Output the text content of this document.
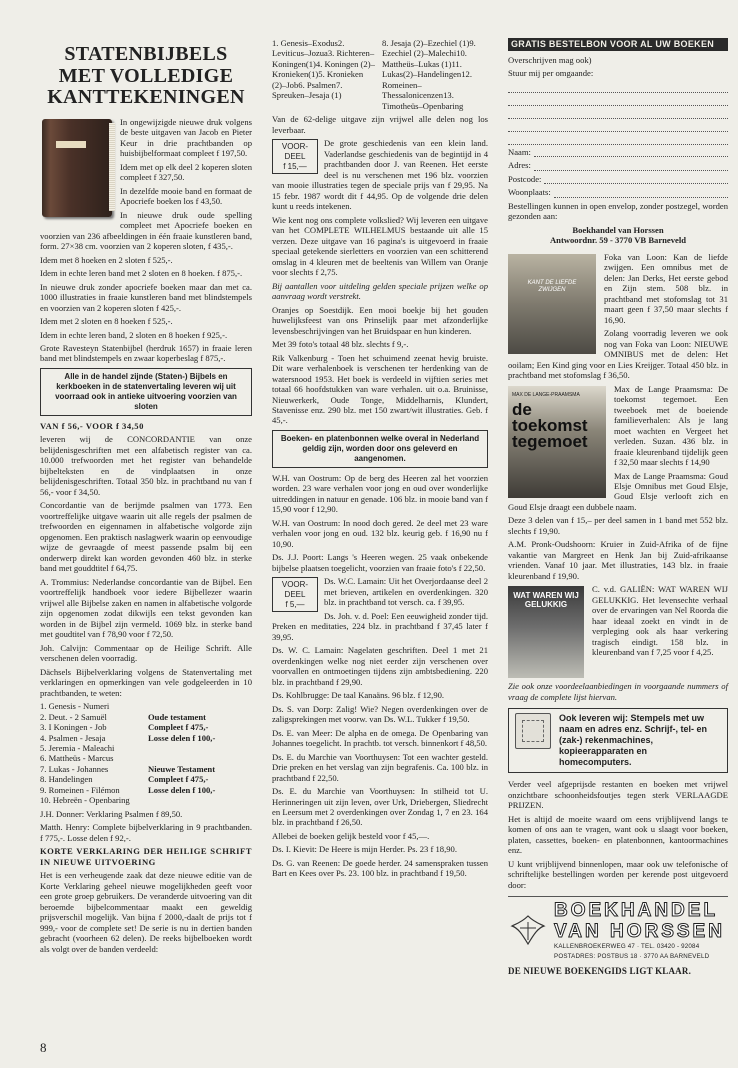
STATENBIJBELS MET VOLLEDIGE KANTTEKENINGEN

In ongewijzigde nieuwe druk volgens de beste uitgaven van Jacob en Pieter Keur in drie prachtbanden op huisbijbelformaat compleet f 197,50.

Idem met op elk deel 2 koperen sloten compleet f 327,50.

In dezelfde mooie band en formaat de Apocriefe boeken los f 43,50.

In nieuwe druk oude spelling compleet met Apocriefe boeken en voorzien van 236 afbeeldingen in één fraaie kunstleren band, form. 27×38 cm. voorzien van 2 koperen sloten, f 435,-.

Idem met 8 hoeken en 2 sloten f 525,-.

Idem in echte leren band met 2 sloten en 8 hoeken. f 875,-.

In nieuwe druk zonder apocriefe boeken maar dan met ca. 1000 illustraties in fraaie kunstleren band met blindstempels en voorzien van 2 koperen sloten f 425,-.

Idem met 2 sloten en 8 hoeken f 525,-.

Idem in echte leren band, 2 sloten en 8 hoeken f 925,-.

Grote Ravesteyn Statenbijbel (herdruk 1657) in fraaie leren band met blindstempels en zwaar koperbeslag f 875,-.

Alle in de handel zijnde (Staten-) Bijbels en kerkboeken in de statenvertaling leveren wij uit voorraad ook in antieke uitvoering voorzien van sloten

VAN f 56,- VOOR f 34,50

leveren wij de CONCORDANTIE van onze belijdenisgeschriften met een alfabetisch register van ca. 10.000 trefwoorden met het register van behandelde bijbelteksten en de vindplaatsen in onze belijdenisgeschriften. Totaal 350 blz. in prachtband nu van f 56,- voor f 34,50.

Concordantie van de berijmde psalmen van 1773. Een voortreffelijke uitgave waarin uit alle regels der psalmen de trefwoorden en eigennamen in alfabetische volgorde zijn opgenomen. Een praktisch naslagwerk waarin op eenvoudige wijze de gevraagde of meest passende psalm bij een onderwerp direkt kan worden gevonden 460 blz. in sterke band met gouddtitel f 64,75.

A. Trommius: Nederlandse concordantie van de Bijbel. Een voortreffelijk handboek voor iedere Bijbellezer waarin vrijwel alle Bijbelse zaken en namen in alfabetische volgorde zijn opgenomen zodat dikwijls een tekst gevonden kan worden in de Bijbel zijn vermeld. 1069 blz. in sterke band met goudtitel van f 78,90 voor f 72,50.

Joh. Calvijn: Commentaar op de Heilige Schrift. Alle verschenen delen voorradig.

Dächsels Bijbelverklaring volgens de Statenvertaling met verklaringen en opmerkingen van vele godgeleerden in 10 prachtbanden, te weten:

1. Genesis - Numeri
2. Deut. - 2 Samuël
3. I Koningen - Job
4. Psalmen - Jesaja
5. Jeremia - Maleachi
6. Mattheüs - Marcus
7. Lukas - Johannes
8. Handelingen
9. Romeinen - Filémon
10. Hebreën - Openbaring

Oude testament
Compleet f 475,-
Losse delen f 100,-

Nieuwe Testament
Compleet f 475,-
Losse delen f 100,-

J.H. Donner: Verklaring Psalmen f 89,50.

Matth. Henry: Complete bijbelverklaring in 9 prachtbanden. f 775,-. Losse delen f 92,-.

KORTE VERKLARING DER HEILIGE SCHRIFT IN NIEUWE UITVOERING

Het is een verheugende zaak dat deze nieuwe editie van de Korte Verklaring geheel nieuwe mogelijkheden geeft voor een grote groep gebruikers. De veranderde uitvoering van dit beroemde bijbelcommentaar maakt een geweldig prijsverschil mogelijk. Van bijna f 2000,-daalt de prijs tot f 999,- voor de complete set! De serie is nu in dertien banden gebracht (voorheen 62 delen). De reeks bijbelboeken wordt als volgt over de banden verdeeld:

1. Genesis–Exodus2. Leviticus–Jozua3. Richteren–Koningen(1)4. Koningen (2)–Kronieken(1)5. Kronieken (2)–Job6. Psalmen7. Spreuken–Jesaja (1)
8. Jesaja (2)–Ezechiel (1)9. Ezechiel (2)–Malechi10. Mattheüs–Lukas (1)11. Lukas(2)–Handelingen12. Romeinen–Thessalonicenzen13. Timotheüs–Openbaring

Van de 62-delige uitgave zijn vrijwel alle delen nog los leverbaar.

VOOR-
DEEL
f 15,—

De grote geschiedenis van een klein land. Vaderlandse geschiedenis van de begintijd in 4 prachtbanden door J. van Reenen. Het eerste deel is nu verschenen met 196 blz. voorzien van mooie illustraties tegen de speciale prijs van f 29,95. Na 15 febr. 1987 wordt dit f 44,95. Op de volgende drie delen kunt u reeds intekenen.

Wie kent nog ons complete volkslied? Wij leveren een uitgave van het COMPLETE WILHELMUS bestaande uit alle 15 verzen. Deze uitgave van 16 pagina's is uitgevoerd in fraaie speciaal getekende sierletters en voorzien van een schitterend omslag in 4 kleuren met de beeltenis van Willem van Oranje voor slechts f 2,75.

Bij aantallen voor uitdeling gelden speciale prijzen welke op aanvraag wordt verstrekt.

Oranjes op Soestdijk. Een mooi boekje bij het gouden huwelijksfeest van ons Prinselijk paar met afzonderlijke levensbeschrijvingen van het Bruidspaar en hun kinderen.

Met 39 foto's totaal 48 blz. slechts f 9,-.

Rik Valkenburg - Toen het schuimend zeenat hevig bruiste. Dit ware verhalenboek is verschenen ter herdenking van de watersnood 1953. Het boek is verdeeld in vijftien series met totaal 66 hoofdstukken van ware verhalen. uit o.a. Bruinisse, Nieuwerkerk, Oude Tonge, Middelharnis, Klundert, Stavenisse enz. 290 blz. met 150 zwart/wit illustraties. Geb. f 45,-.

Boeken- en platenbonnen welke overal in Nederland geldig zijn, worden door ons geleverd en aangenomen.

W.H. van Oostrum: Op de berg des Heeren zal het voorzien worden. 23 ware verhalen voor jong en oud over wonderlijke uitreddingen in natuur en genade. 106 blz. in mooie band van f 15,90 voor f 12,90.

W.H. van Oostrum: In nood doch gered. 2e deel met 23 ware verhalen voor jong en oud. 132 blz. keurig geb. f 16,90 nu f 10,90.

Ds. J.J. Poort: Langs 's Heeren wegen. 25 vaak onbekende bijbelse plaatsen toegelicht, voorzien van fraaie foto's f 22,50.

VOOR-
DEEL
f 5,—

Ds. W.C. Lamain: Uit het Overjordaanse deel 2 met brieven, artikelen en overdenkingen. 320 blz. in prachtband tot versch. ca. f 39,95.

Ds. Joh. v. d. Poel: Een eeuwigheid zonder tijd. Preken en meditaties, 224 blz. in prachtband f 37,45 later f 39,95.

Ds. W. C. Lamain: Nagelaten geschriften. Deel 1 met 21 overdenkingen welke nog niet eerder zijn verschenen over voorvallen en ontmoetingen tijdens zijn ambtsbediening. 220 blz. in prachtband f 29,90.

Ds. Kohlbrugge: De taal Kanaäns. 96 blz. f 12,90.

Ds. S. van Dorp: Zalig! Wie? Negen overdenkingen over de zaligsprekingen met voorw. van Ds. W.L. Tukker f 19,50.

Ds. E. van Meer: De alpha en de omega. De Openbaring van Johannes toegelicht. In prachtb. tot versch. binnenkort f 48,50.

Ds. E. du Marchie van Voorthuysen: Tot een wachter gesteld. Drie preken en het verslag van zijn begrafenis. Ca. 100 blz. in prachtband f 22,50.

Ds. E. du Marchie van Voorthuysen: In stilheid tot U. Herinneringen uit zijn leven, over Urk, Driebergen, Sliedrecht en Leersum met 2 overdenkingen over Zondag 1, 7 en 23. 164 blz. in prachtband f 26,50.

Allebei de boeken gelijk besteld voor f 45,—.

Ds. I. Kievit: De Heere is mijn Herder. Ps. 23 f 18,90.

Ds. G. van Reenen: De goede herder. 24 samenspraken tussen Bart en Kees over Ps. 23. 100 blz. in prachtband f 19,50.

GRATIS BESTELBON VOOR AL UW BOEKEN

Overschrijven mag ook)

Stuur mij per omgaande:

Naam:
Adres:
Postcode:
Woonplaats:

Bestellingen kunnen in open envelop, zonder postzegel, worden gezonden aan:

Boekhandel van Horssen

Antwoordnr. 59 - 3770 VB Barneveld

KANT DE LIEFDE ZWIJGEN

Foka van Loon: Kan de liefde zwijgen. Een omnibus met de delen: Jan Derks, Het eerste gebod en Zijn stem. 508 blz. in prachtband met stofomslag tot 31 maart geen f 37,50 maar slechts f 16,90.

Zolang voorradig leveren we ook nog van Foka van Loon: NIEUWE OMNIBUS met de delen: Het ooilam; Een Kind ging voor en Lies Kreijger. Totaal 450 blz. in prachtband met stofomslag f 36,50.

MAX DE LANGE-PRAAMSMA
de toekomst tegemoet

Max de Lange Praamsma: De toekomst tegemoet. Een tweeboek met de boeiende familieverhalen: Als je lang moet wachten en Vergeet het verleden. Suzan. 436 blz. in fraaie kleurenband tijdelijk geen f 32,50 maar slechts f 14,90

Max de Lange Praamsma: Goud Elsje Omnibus met Goud Elsje, Goud Elsje verlooft zich en Goud Elsje draagt een dubbele naam.

Deze 3 delen van f 15,– per deel samen in 1 band met 552 blz. slechts f 19,90.

A.M. Pronk-Oudshoorn: Kruier in Zuid-Afrika of de fijne vakantie van Margreet en Henk Jan bij Zuid-afrikaanse vrienden. Vanaf 10 jaar. Met illustraties, 143 blz. in fraaie kleurenband f 19,90.

WAT WAREN WIJ GELUKKIG

C. v.d. GALIËN: WAT WAREN WIJ GELUKKIG. Het levensechte verhaal over de ervaringen van Nel Roorda die haar ideaal zoekt en vindt in de verpleging ook als haar verkering tragisch eindigt. 158 blz. in kleurenband van f 7,25 voor f 4,25.

Zie ook onze voordeelaanbiedingen in voorgaande nummers of vraag de complete lijst hiervan.

Ook leveren wij: Stempels met uw naam en adres enz. Schrijf-, tel- en (zak-) rekenmachines, kopieerapparaten en homecomputers.

Verder veel afgeprijsde restanten en boeken met vrijwel onzichtbare schoonheidsfoutjes tegen sterk VERLAAGDE PRIJZEN.

Het is altijd de moeite waard om eens vrijblijvend langs te komen of ons aan te vragen, want ook u slaagt voor boeken, platen, cassettes, boeken- en platenbonnen, kantoormachines enz.

U kunt vrijblijvend binnenlopen, maar ook uw telefonische of schriftelijke bestellingen worden per kerende post uitgevoerd door:

BOEKHANDEL
VAN HORSSEN
KALLENBROEKERWEG 47 · TEL. 03420 - 92084
POSTADRES: POSTBUS 18 · 3770 AA BARNEVELD
DE NIEUWE BOEKENGIDS LIGT KLAAR.
8
